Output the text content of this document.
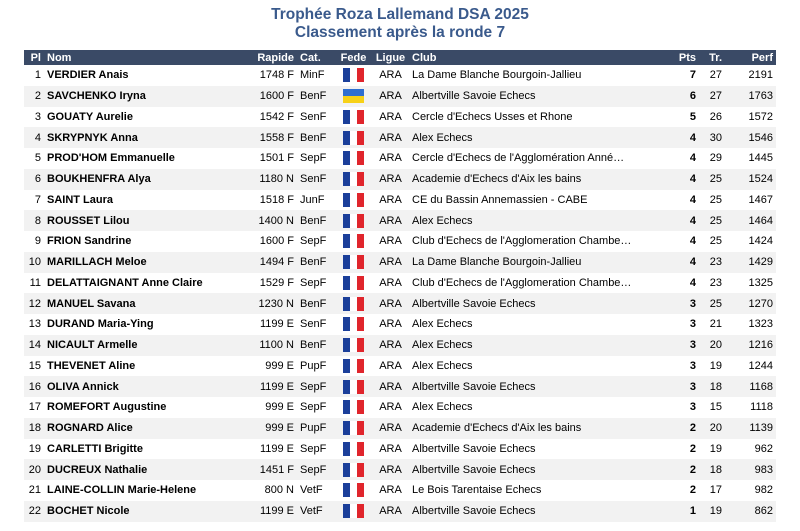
Trophée Roza Lallemand DSA 2025
Classement après la ronde 7
Pl	Nom	Rapide	Cat.	Fede	Ligue	Club	Pts	Tr.	Perf
1	VERDIER Anais	1748 F	MinF		ARA	La Dame Blanche Bourgoin-Jallieu	7	27	2191
2	SAVCHENKO Iryna	1600 F	BenF		ARA	Albertville Savoie Echecs	6	27	1763
3	GOUATY Aurelie	1542 F	SenF		ARA	Cercle d'Echecs Usses et Rhone	5	26	1572
4	SKRYPNYK Anna	1558 F	BenF		ARA	Alex Echecs	4	30	1546
5	PROD'HOM Emmanuelle	1501 F	SepF		ARA	Cercle d'Echecs de l'Agglomération Anné…	4	29	1445
6	BOUKHENFRA Alya	1180 N	SenF		ARA	Academie d'Echecs d'Aix les bains	4	25	1524
7	SAINT Laura	1518 F	JunF		ARA	CE du Bassin Annemassien - CABE	4	25	1467
8	ROUSSET Lilou	1400 N	BenF		ARA	Alex Echecs	4	25	1464
9	FRION Sandrine	1600 F	SepF		ARA	Club d'Echecs de l'Agglomeration Chambe…	4	25	1424
10	MARILLACH Meloe	1494 F	BenF		ARA	La Dame Blanche Bourgoin-Jallieu	4	23	1429
11	DELATTAIGNANT Anne Claire	1529 F	SepF		ARA	Club d'Echecs de l'Agglomeration Chambe…	4	23	1325
12	MANUEL Savana	1230 N	BenF		ARA	Albertville Savoie Echecs	3	25	1270
13	DURAND Maria-Ying	1199 E	SenF		ARA	Alex Echecs	3	21	1323
14	NICAULT Armelle	1100 N	BenF		ARA	Alex Echecs	3	20	1216
15	THEVENET Aline	999 E	PupF		ARA	Alex Echecs	3	19	1244
16	OLIVA Annick	1199 E	SepF		ARA	Albertville Savoie Echecs	3	18	1168
17	ROMEFORT Augustine	999 E	SepF		ARA	Alex Echecs	3	15	1118
18	ROGNARD Alice	999 E	PupF		ARA	Academie d'Echecs d'Aix les bains	2	20	1139
19	CARLETTI Brigitte	1199 E	SepF		ARA	Albertville Savoie Echecs	2	19	962
20	DUCREUX Nathalie	1451 F	SepF		ARA	Albertville Savoie Echecs	2	18	983
21	LAINE-COLLIN Marie-Helene	800 N	VetF		ARA	Le Bois Tarentaise Echecs	2	17	982
22	BOCHET Nicole	1199 E	VetF		ARA	Albertville Savoie Echecs	1	19	862
